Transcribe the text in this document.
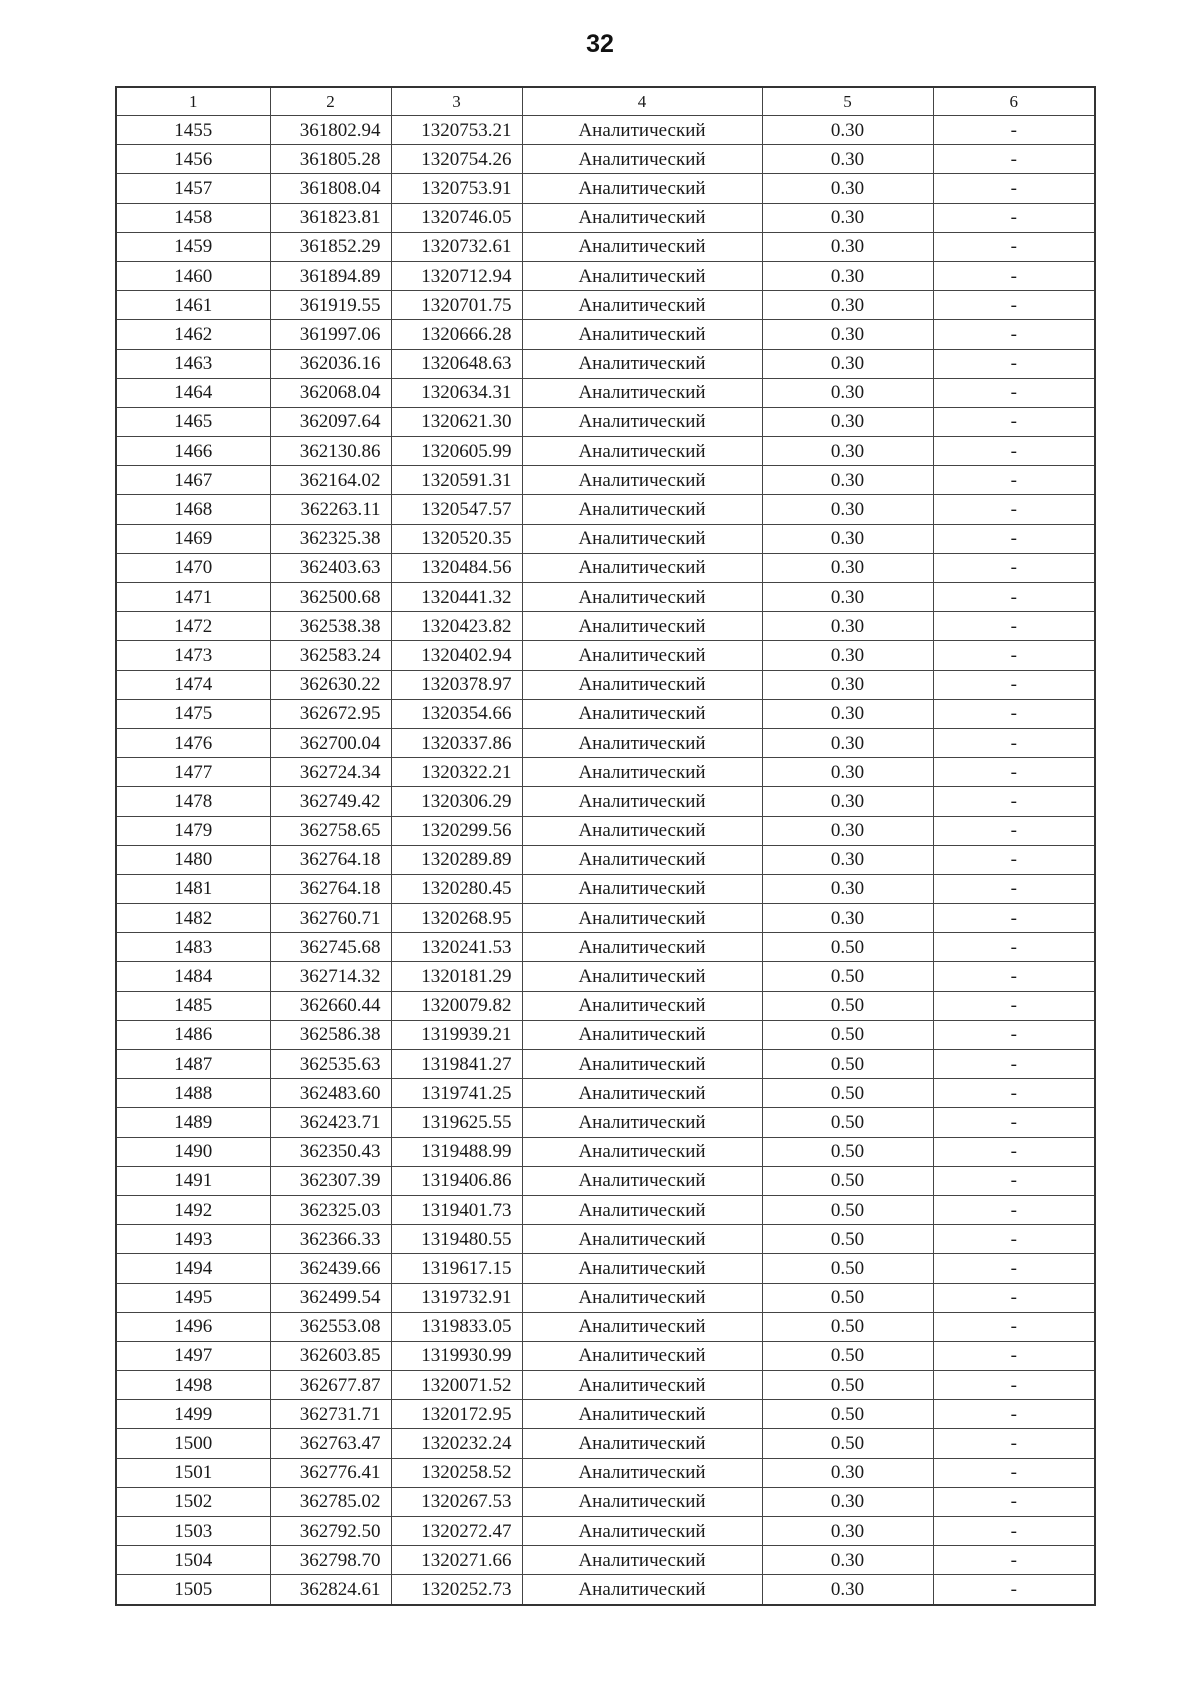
32
1	2	3	4	5	6
1455	361802.94	1320753.21	Аналитический	0.30	-
1456	361805.28	1320754.26	Аналитический	0.30	-
1457	361808.04	1320753.91	Аналитический	0.30	-
1458	361823.81	1320746.05	Аналитический	0.30	-
1459	361852.29	1320732.61	Аналитический	0.30	-
1460	361894.89	1320712.94	Аналитический	0.30	-
1461	361919.55	1320701.75	Аналитический	0.30	-
1462	361997.06	1320666.28	Аналитический	0.30	-
1463	362036.16	1320648.63	Аналитический	0.30	-
1464	362068.04	1320634.31	Аналитический	0.30	-
1465	362097.64	1320621.30	Аналитический	0.30	-
1466	362130.86	1320605.99	Аналитический	0.30	-
1467	362164.02	1320591.31	Аналитический	0.30	-
1468	362263.11	1320547.57	Аналитический	0.30	-
1469	362325.38	1320520.35	Аналитический	0.30	-
1470	362403.63	1320484.56	Аналитический	0.30	-
1471	362500.68	1320441.32	Аналитический	0.30	-
1472	362538.38	1320423.82	Аналитический	0.30	-
1473	362583.24	1320402.94	Аналитический	0.30	-
1474	362630.22	1320378.97	Аналитический	0.30	-
1475	362672.95	1320354.66	Аналитический	0.30	-
1476	362700.04	1320337.86	Аналитический	0.30	-
1477	362724.34	1320322.21	Аналитический	0.30	-
1478	362749.42	1320306.29	Аналитический	0.30	-
1479	362758.65	1320299.56	Аналитический	0.30	-
1480	362764.18	1320289.89	Аналитический	0.30	-
1481	362764.18	1320280.45	Аналитический	0.30	-
1482	362760.71	1320268.95	Аналитический	0.30	-
1483	362745.68	1320241.53	Аналитический	0.50	-
1484	362714.32	1320181.29	Аналитический	0.50	-
1485	362660.44	1320079.82	Аналитический	0.50	-
1486	362586.38	1319939.21	Аналитический	0.50	-
1487	362535.63	1319841.27	Аналитический	0.50	-
1488	362483.60	1319741.25	Аналитический	0.50	-
1489	362423.71	1319625.55	Аналитический	0.50	-
1490	362350.43	1319488.99	Аналитический	0.50	-
1491	362307.39	1319406.86	Аналитический	0.50	-
1492	362325.03	1319401.73	Аналитический	0.50	-
1493	362366.33	1319480.55	Аналитический	0.50	-
1494	362439.66	1319617.15	Аналитический	0.50	-
1495	362499.54	1319732.91	Аналитический	0.50	-
1496	362553.08	1319833.05	Аналитический	0.50	-
1497	362603.85	1319930.99	Аналитический	0.50	-
1498	362677.87	1320071.52	Аналитический	0.50	-
1499	362731.71	1320172.95	Аналитический	0.50	-
1500	362763.47	1320232.24	Аналитический	0.50	-
1501	362776.41	1320258.52	Аналитический	0.30	-
1502	362785.02	1320267.53	Аналитический	0.30	-
1503	362792.50	1320272.47	Аналитический	0.30	-
1504	362798.70	1320271.66	Аналитический	0.30	-
1505	362824.61	1320252.73	Аналитический	0.30	-
